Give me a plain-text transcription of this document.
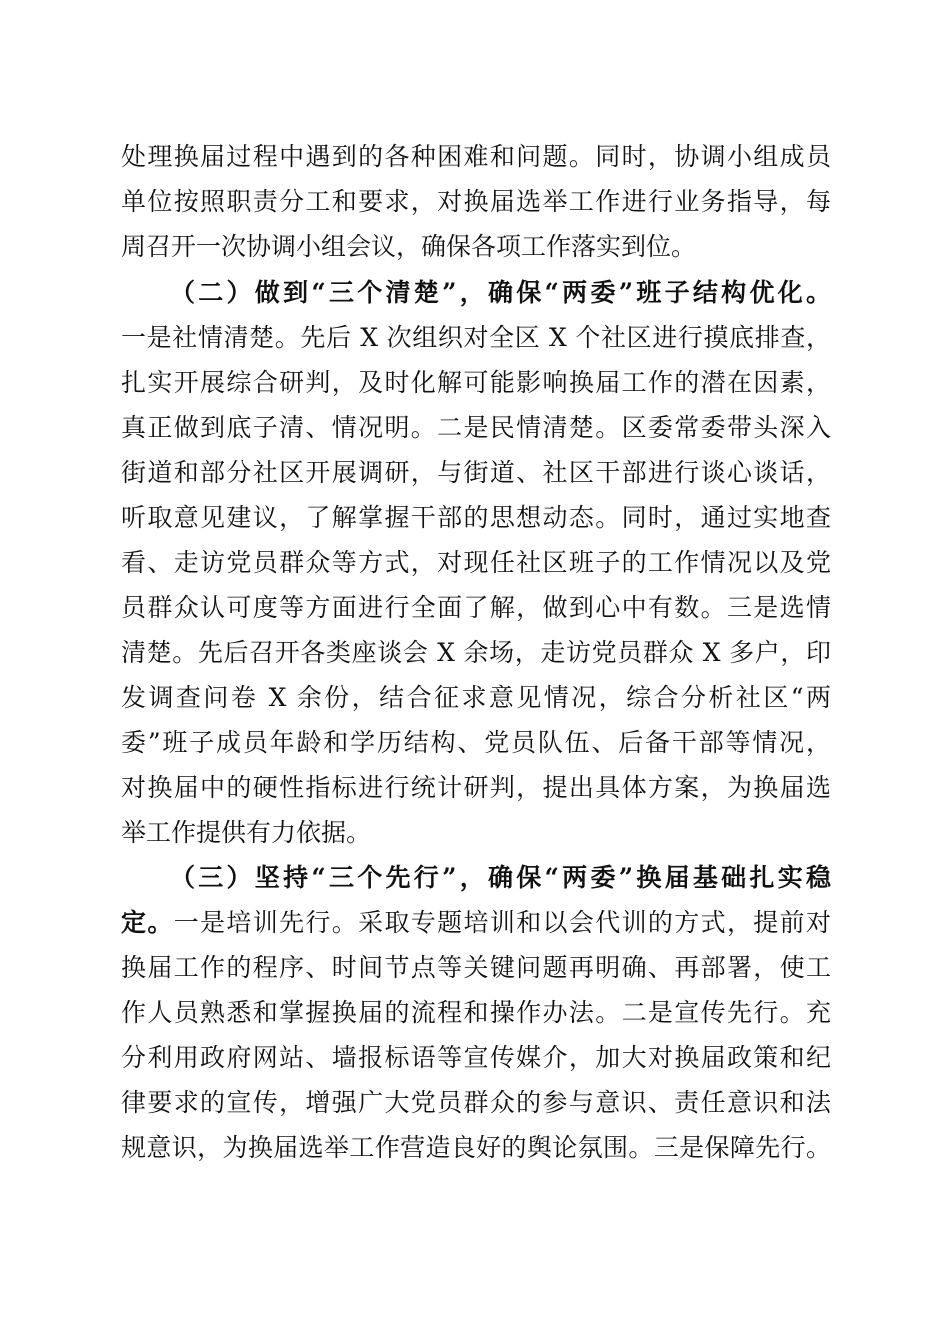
处理换届过程中遇到的各种困难和问题。同时，协调小组成员
单位按照职责分工和要求，对换届选举工作进行业务指导，每
周召开一次协调小组会议，确保各项工作落实到位。
（二）做到“三个清楚”，确保“两委”班子结构优化。
一是社情清楚。先后 X 次组织对全区 X 个社区进行摸底排查，
扎实开展综合研判，及时化解可能影响换届工作的潜在因素，
真正做到底子清、情况明。二是民情清楚。区委常委带头深入
街道和部分社区开展调研，与街道、社区干部进行谈心谈话，
听取意见建议，了解掌握干部的思想动态。同时，通过实地查
看、走访党员群众等方式，对现任社区班子的工作情况以及党
员群众认可度等方面进行全面了解，做到心中有数。三是选情
清楚。先后召开各类座谈会 X 余场，走访党员群众 X 多户，印
发调查问卷 X 余份，结合征求意见情况，综合分析社区“两
委”班子成员年龄和学历结构、党员队伍、后备干部等情况，
对换届中的硬性指标进行统计研判，提出具体方案，为换届选
举工作提供有力依据。
（三）坚持“三个先行”，确保“两委”换届基础扎实稳
定。一是培训先行。采取专题培训和以会代训的方式，提前对
换届工作的程序、时间节点等关键问题再明确、再部署，使工
作人员熟悉和掌握换届的流程和操作办法。二是宣传先行。充
分利用政府网站、墙报标语等宣传媒介，加大对换届政策和纪
律要求的宣传，增强广大党员群众的参与意识、责任意识和法
规意识，为换届选举工作营造良好的舆论氛围。三是保障先行。
